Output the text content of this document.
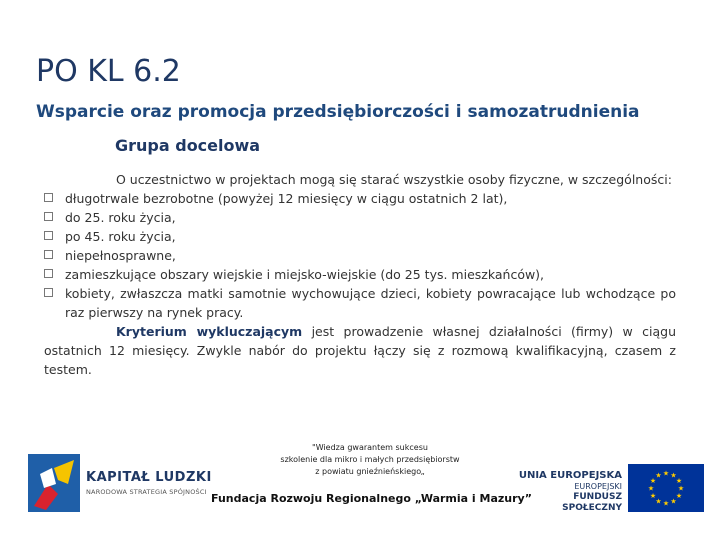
PO KL 6.2
Wsparcie oraz promocja przedsiębiorczości i samozatrudnienia
Grupa docelowa

O uczestnictwo w projektach mogą się starać wszystkie osoby fizyczne, w szczególności:

długotrwale bezrobotne (powyżej 12 miesięcy w ciągu ostatnich 2 lat),
do 25. roku życia,
po 45. roku życia,
niepełnosprawne,
zamieszkujące obszary wiejskie i miejsko-wiejskie (do 25 tys. mieszkańców),
kobiety, zwłaszcza matki samotnie wychowujące dzieci, kobiety powracające lub wchodzące po raz pierwszy na rynek pracy.

Kryterium wykluczającym jest prowadzenie własnej działalności (firmy) w ciągu ostatnich 12 miesięcy. Zwykle nabór do projektu łączy się z rozmową kwalifikacyjną, czasem z testem.

KAPITAŁ LUDZKI
NARODOWA STRATEGIA SPÓJNOŚCI
"Wiedza gwarantem sukcesu
szkolenie dla mikro i małych przedsiębiorstw
z powiatu gnieźnieńskiego„
Fundacja Rozwoju Regionalnego „Warmia i Mazury”
UNIA EUROPEJSKA
EUROPEJSKI
FUNDUSZ SPOŁECZNY
★
★
★
★
★
★
★
★
★ ★ ★
★
